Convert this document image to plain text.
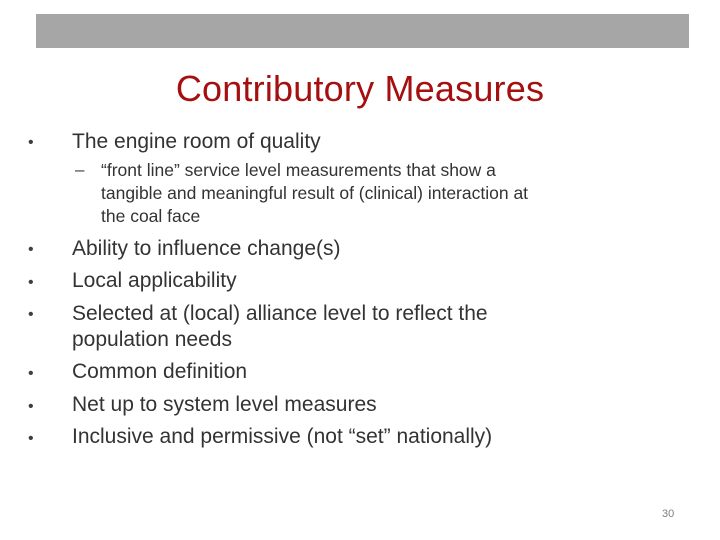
Contributory Measures
• The engine room of quality
– “front line” service level measurements that show a
tangible and meaningful result of (clinical) interaction at
the coal face
• Ability to influence change(s)
• Local applicability
• Selected at (local) alliance level to reflect the
population needs
• Common definition
• Net up to system level measures
• Inclusive and permissive (not “set” nationally)
30
